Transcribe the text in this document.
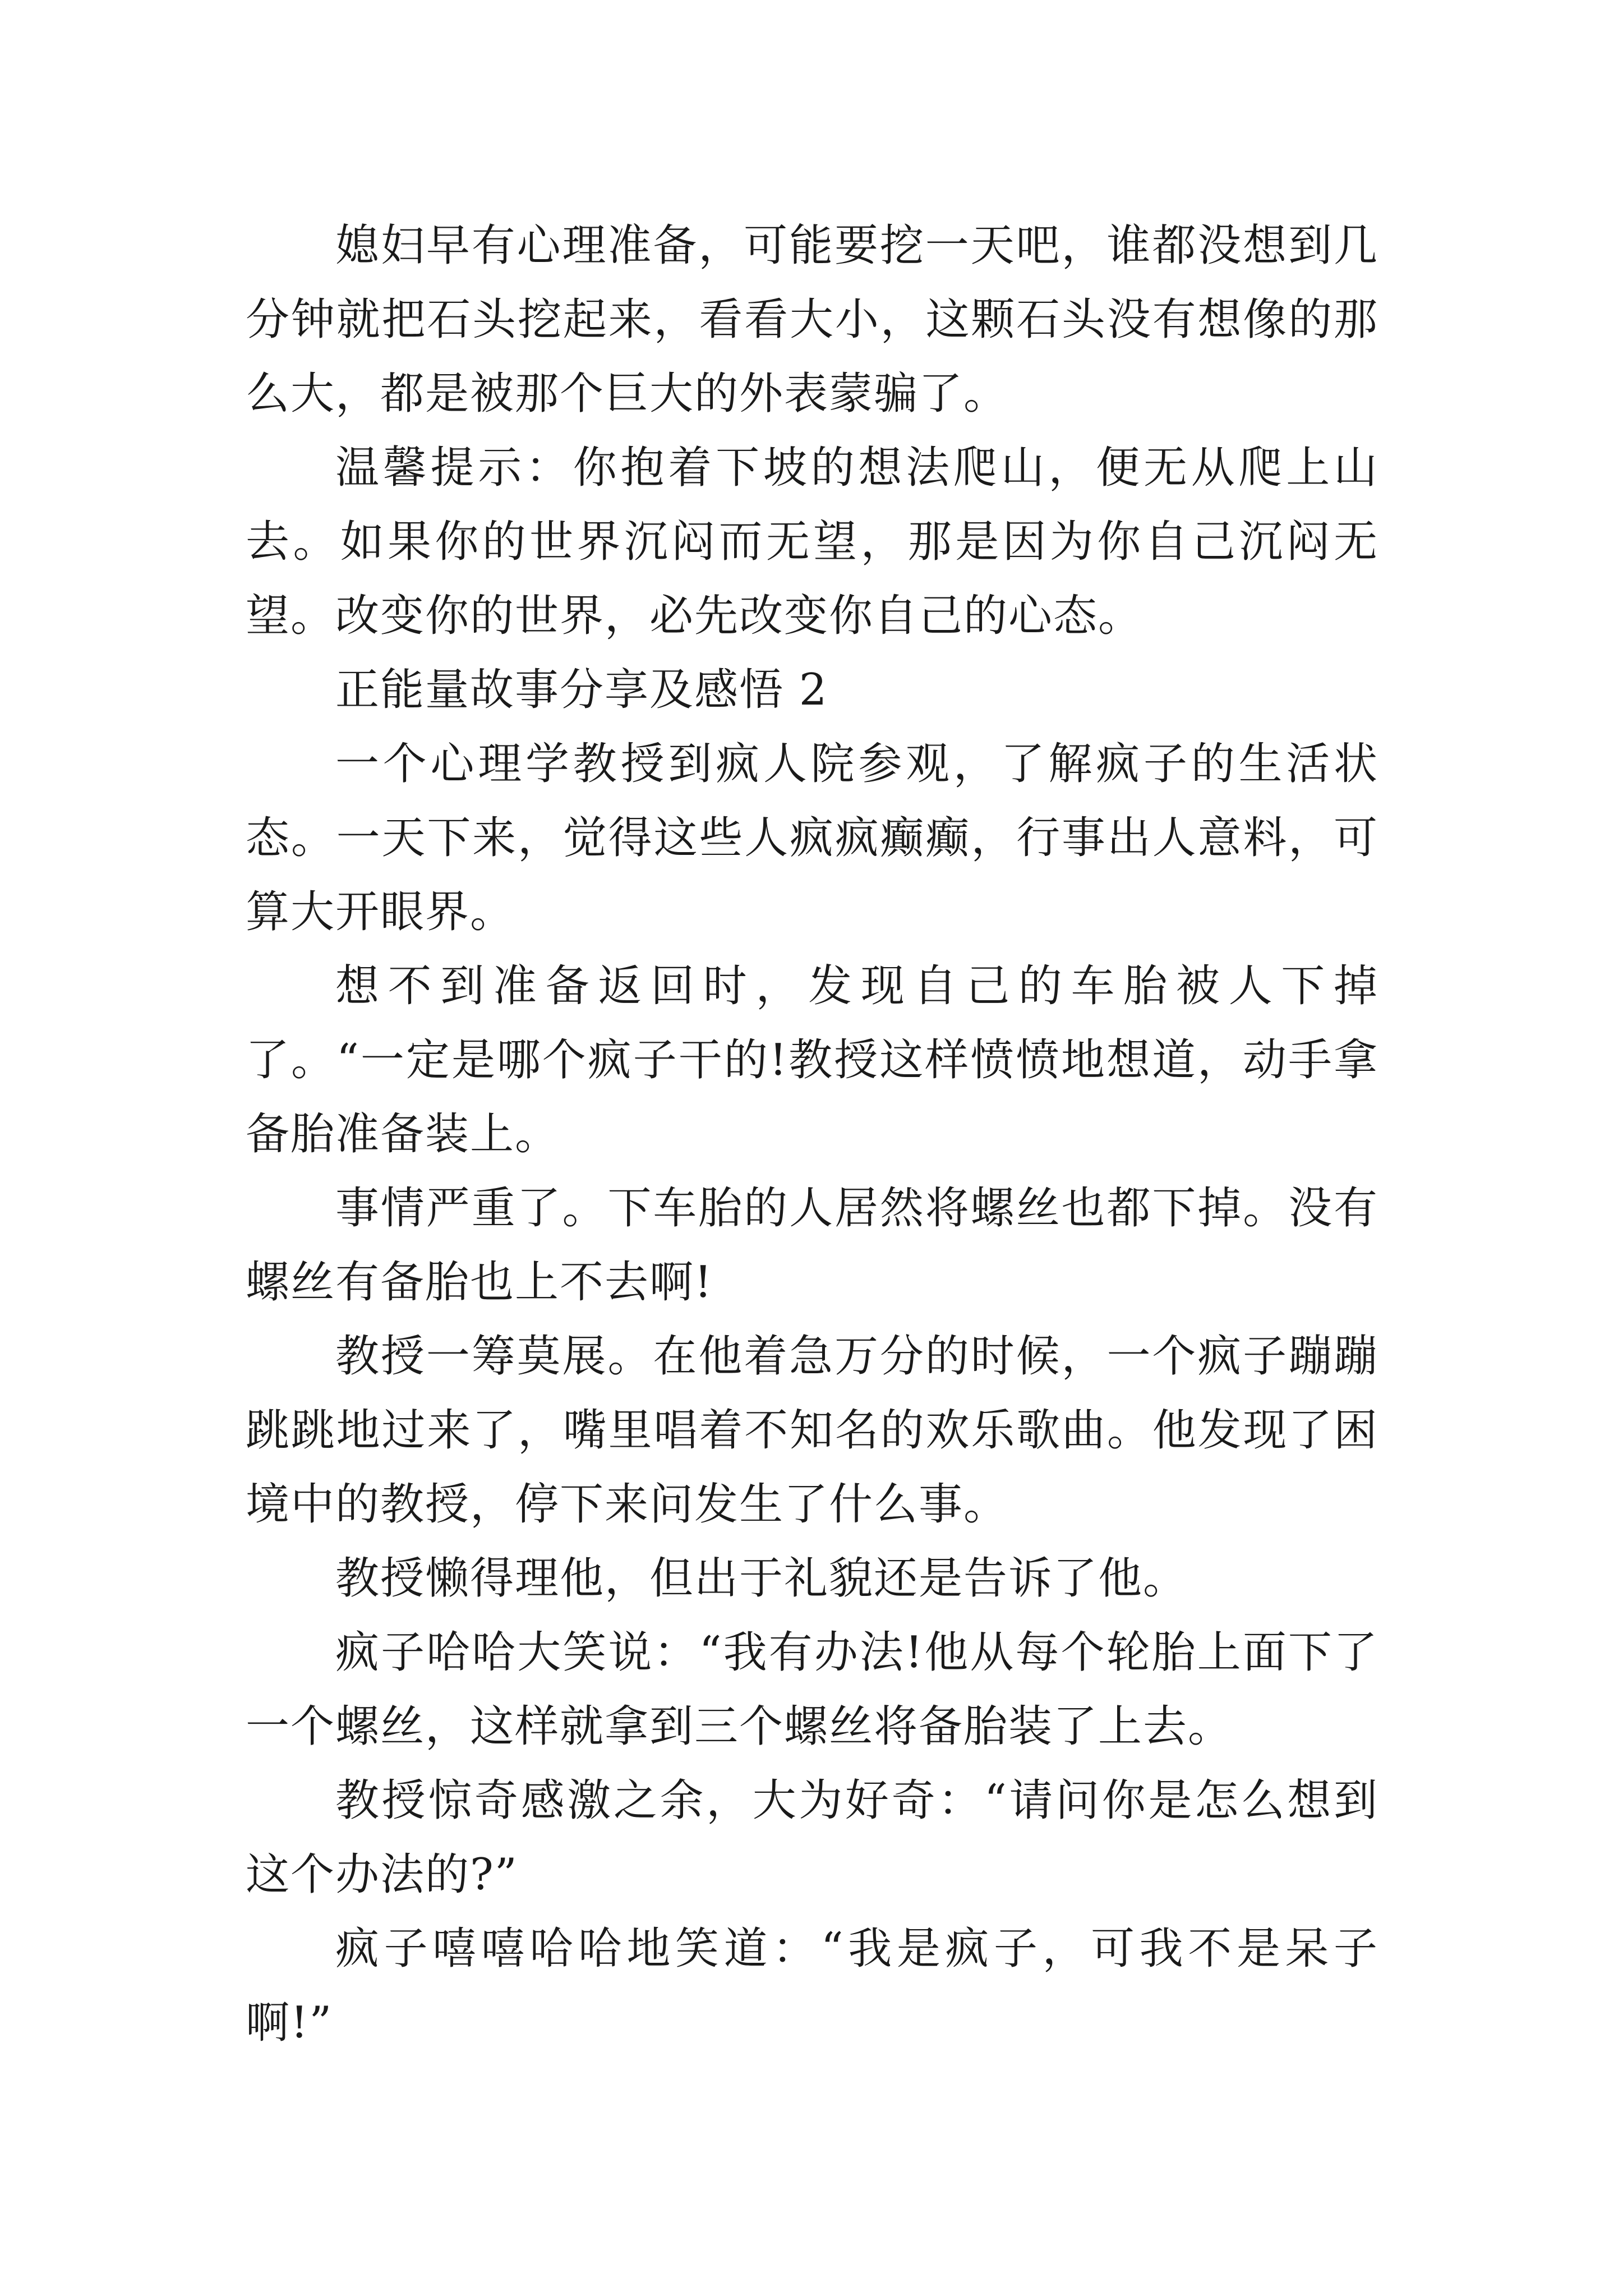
媳妇早有心理准备，可能要挖一天吧，谁都没想到几分钟就把石头挖起来，看看大小，这颗石头没有想像的那么大，都是被那个巨大的外表蒙骗了。

温馨提示：你抱着下坡的想法爬山，便无从爬上山去。如果你的世界沉闷而无望，那是因为你自己沉闷无望。改变你的世界，必先改变你自己的心态。

正能量故事分享及感悟 2

一个心理学教授到疯人院参观，了解疯子的生活状态。一天下来，觉得这些人疯疯癫癫，行事出人意料，可算大开眼界。

想不到准备返回时，发现自己的车胎被人下掉了。“一定是哪个疯子干的!教授这样愤愤地想道，动手拿备胎准备装上。

事情严重了。下车胎的人居然将螺丝也都下掉。没有螺丝有备胎也上不去啊!

教授一筹莫展。在他着急万分的时候，一个疯子蹦蹦跳跳地过来了，嘴里唱着不知名的欢乐歌曲。他发现了困境中的教授，停下来问发生了什么事。

教授懒得理他，但出于礼貌还是告诉了他。

疯子哈哈大笑说：“我有办法!他从每个轮胎上面下了一个螺丝，这样就拿到三个螺丝将备胎装了上去。

教授惊奇感激之余，大为好奇：“请问你是怎么想到这个办法的?”

疯子嘻嘻哈哈地笑道：“我是疯子，可我不是呆子啊!”
